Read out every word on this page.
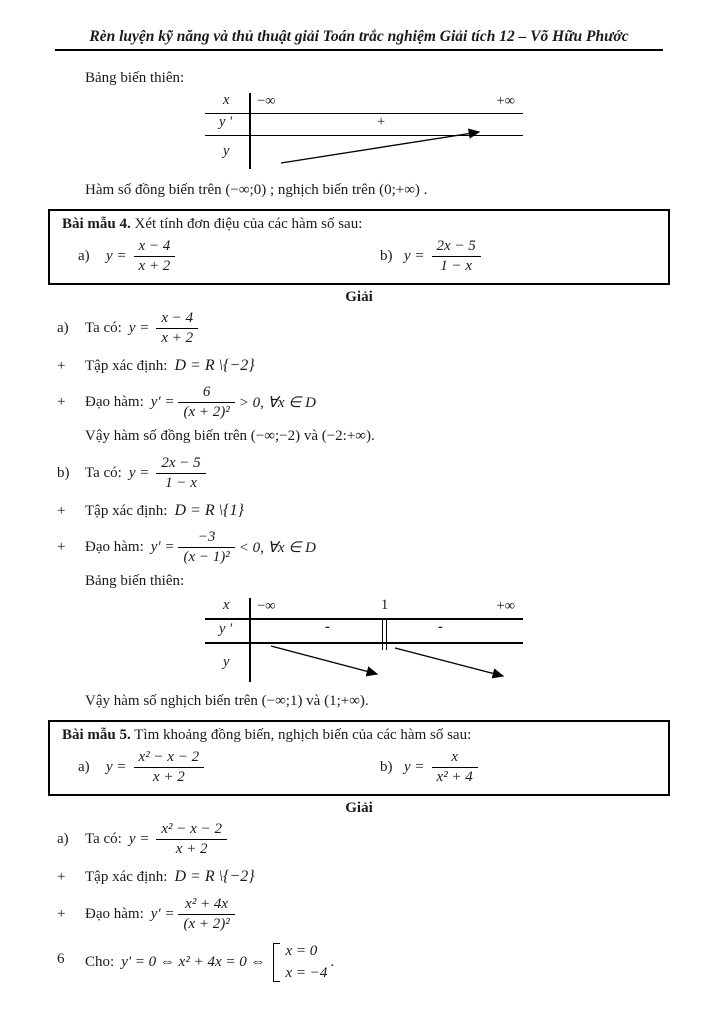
Rèn luyện kỹ năng và thủ thuật giải Toán trắc nghiệm Giải tích 12 – Võ Hữu Phước
Bảng biến thiên:
x −∞	+∞
y '	+
y
Hàm số đồng biến trên (−∞;0) ; nghịch biến trên (0;+∞) .
Bài mẫu 4. Xét tính đơn điệu của các hàm số sau:
a)	$y = \frac{x - 4}{x + 2}$	b) $y = \frac{2x - 5}{1 - x}$
Giải
a)	Ta có: $y = \frac{x - 4}{x + 2}$
+	Tập xác định: D = R \{−2}
+	Đạo hàm: $y' = \frac{6}{\text{(x + 2)²}} > 0$, ∀x ∈ D
Vậy hàm số đồng biến trên (−∞;−2) và (−2:+∞).
b)	Ta có: $y = \frac{2x - 5}{1 - x}$
+	Tập xác định: D = R \{1}
+	Đạo hàm: $y' = \frac{-3}{\text{(x − 1)²}} < 0$, ∀x ∈ D
Bảng biến thiên:
x −∞	1	+∞
y '	-	-
y
Vậy hàm số nghịch biến trên (−∞;1) và (1;+∞).
Bài mẫu 5. Tìm khoảng đồng biến, nghịch biến của các hàm số sau:
a)	$y = \frac{\text{x² − x − 2}}{x + 2}$	b) $y = \frac{x}{\text{x² + 4}}$
Giải
a)	Ta có: $y = \frac{\text{x² − x − 2}}{x + 2}$
+	Tập xác định: D = R \{−2}
+	Đạo hàm: $y' = \frac{\text{x² + 4x}}{\text{(x + 2)²}}$
Cho: y' = 0 ⇔ x² + 4x = 0 ⇔
x = 0
x = −4
.
6
